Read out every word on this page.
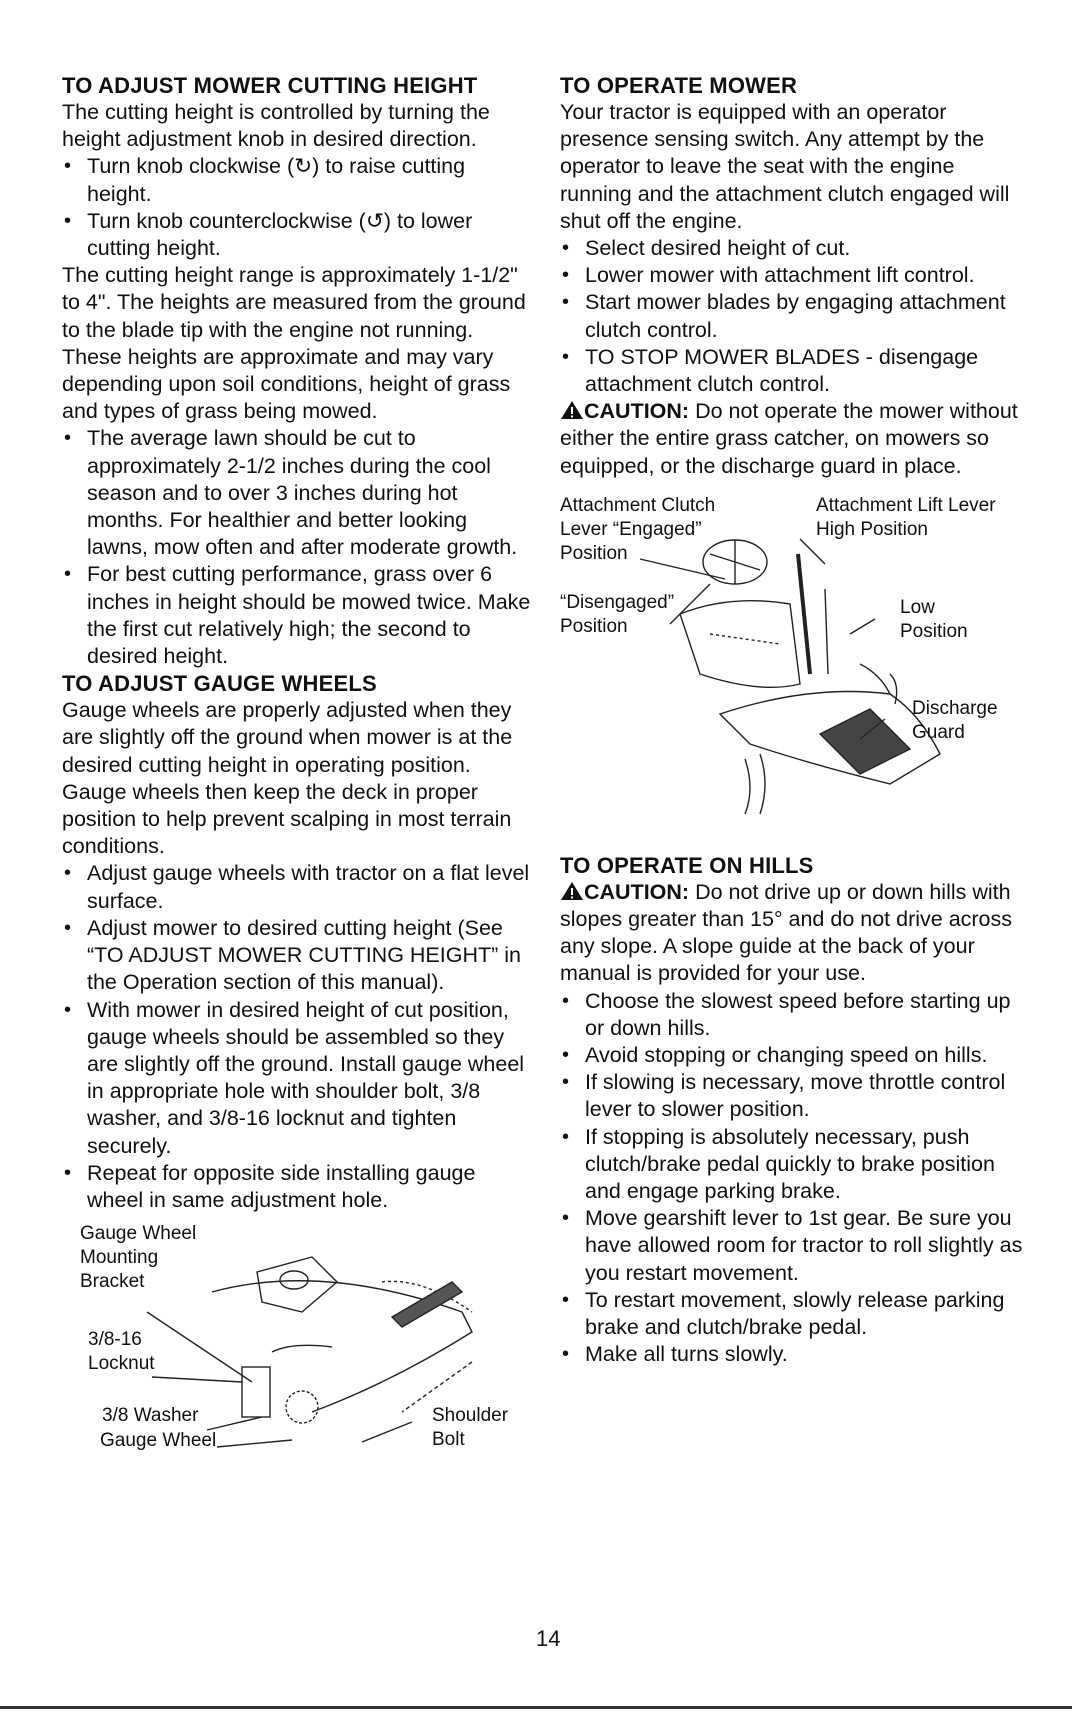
TO ADJUST MOWER CUTTING HEIGHT

The cutting height is controlled by turning the height adjustment knob in desired direction.

• Turn knob clockwise (↻) to raise cutting height.
• Turn knob counterclockwise (↺) to lower cutting height.

The cutting height range is approximately 1-1/2" to 4". The heights are measured from the ground to the blade tip with the engine not running. These heights are approximate and may vary depending upon soil conditions, height of grass and types of grass being mowed.

• The average lawn should be cut to approximately 2-1/2 inches during the cool season and to over 3 inches during hot months. For healthier and better looking lawns, mow often and after moderate growth.
• For best cutting performance, grass over 6 inches in height should be mowed twice. Make the first cut relatively high; the second to desired height.
TO ADJUST GAUGE WHEELS

Gauge wheels are properly adjusted when they are slightly off the ground when mower is at the desired cutting height in operating position. Gauge wheels then keep the deck in proper position to help prevent scalping in most terrain conditions.

• Adjust gauge wheels with tractor on a flat level surface.
• Adjust mower to desired cutting height (See “TO ADJUST MOWER CUTTING HEIGHT” in the Operation section of this manual).
• With mower in desired height of cut position, gauge wheels should be assembled so they are slightly off the ground. Install gauge wheel in appropriate hole with shoulder bolt, 3/8 washer, and 3/8-16 locknut and tighten securely.
• Repeat for opposite side installing gauge wheel in same adjustment hole.
Gauge Wheel
Mounting
Bracket
3/8-16
Locknut
3/8 Washer
Gauge Wheel
Shoulder
Bolt
TO OPERATE MOWER

Your tractor is equipped with an operator presence sensing switch. Any attempt by the operator to leave the seat with the engine running and the attachment clutch engaged will shut off the engine.

• Select desired height of cut.
• Lower mower with attachment lift control.
• Start mower blades by engaging attachment clutch control.
• TO STOP MOWER BLADES - disengage attachment clutch control.

CAUTION: Do not operate the mower without either the entire grass catcher, on mowers so equipped, or the discharge guard in place.

Attachment Clutch
Lever “Engaged”
Position
“Disengaged”
Position
Attachment Lift Lever
High Position
Low
Position
Discharge
Guard
TO OPERATE ON HILLS

CAUTION: Do not drive up or down hills with slopes greater than 15° and do not drive across any slope. A slope guide at the back of your manual is provided for your use.

• Choose the slowest speed before starting up or down hills.
• Avoid stopping or changing speed on hills.
• If slowing is necessary, move throttle control lever to slower position.
• If stopping is absolutely necessary, push clutch/brake pedal quickly to brake position and engage parking brake.
• Move gearshift lever to 1st gear. Be sure you have allowed room for tractor to roll slightly as you restart movement.
• To restart movement, slowly release parking brake and clutch/brake pedal.
• Make all turns slowly.
14
